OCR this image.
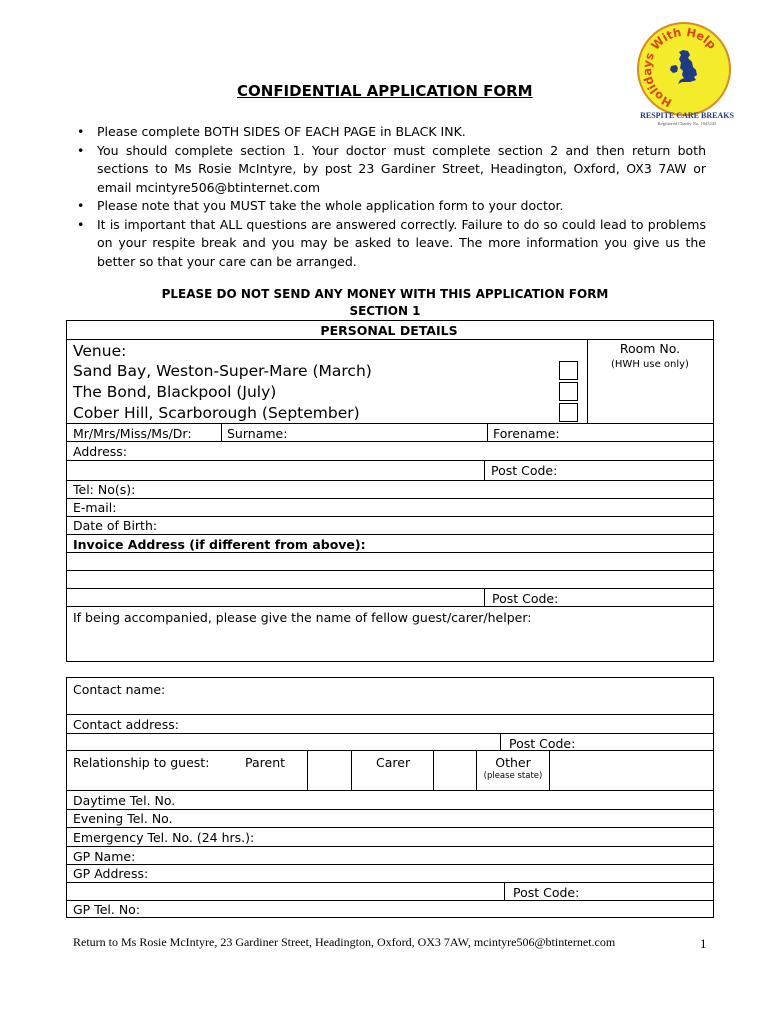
Holidays With Help
RESPITE CARE BREAKS
Registered Charity No. 1043243
CONFIDENTIAL APPLICATION FORM
• Please complete BOTH SIDES OF EACH PAGE in BLACK INK.
• You should complete section 1. Your doctor must complete section 2 and then return both sections to Ms Rosie McIntyre, by post 23 Gardiner Street, Headington, Oxford, OX3 7AW or email mcintyre506@btinternet.com
• Please note that you MUST take the whole application form to your doctor.
• It is important that ALL questions are answered correctly. Failure to do so could lead to problems on your respite break and you may be asked to leave. The more information you give us the better so that your care can be arranged.
PLEASE DO NOT SEND ANY MONEY WITH THIS APPLICATION FORM
SECTION 1
PERSONAL DETAILS
Venue:
Sand Bay, Weston-Super-Mare (March)
The Bond, Blackpool (July)
Cober Hill, Scarborough (September)
Room No.
(HWH use only)
Mr/Mrs/Miss/Ms/Dr:	Surname:	Forename:
Address:
Post Code:
Tel: No(s):
E-mail:
Date of Birth:
Invoice Address (if different from above):
Post Code:
If being accompanied, please give the name of fellow guest/carer/helper:
Contact name:
Contact address:
Post Code:
Relationship to guest:	Parent	Carer	Other
(please state)
Daytime Tel. No.
Evening Tel. No.
Emergency Tel. No. (24 hrs.):
GP Name:
GP Address:
Post Code:
GP Tel. No:
Return to Ms Rosie McIntyre, 23 Gardiner Street, Headington, Oxford, OX3 7AW, mcintyre506@btinternet.com	1
